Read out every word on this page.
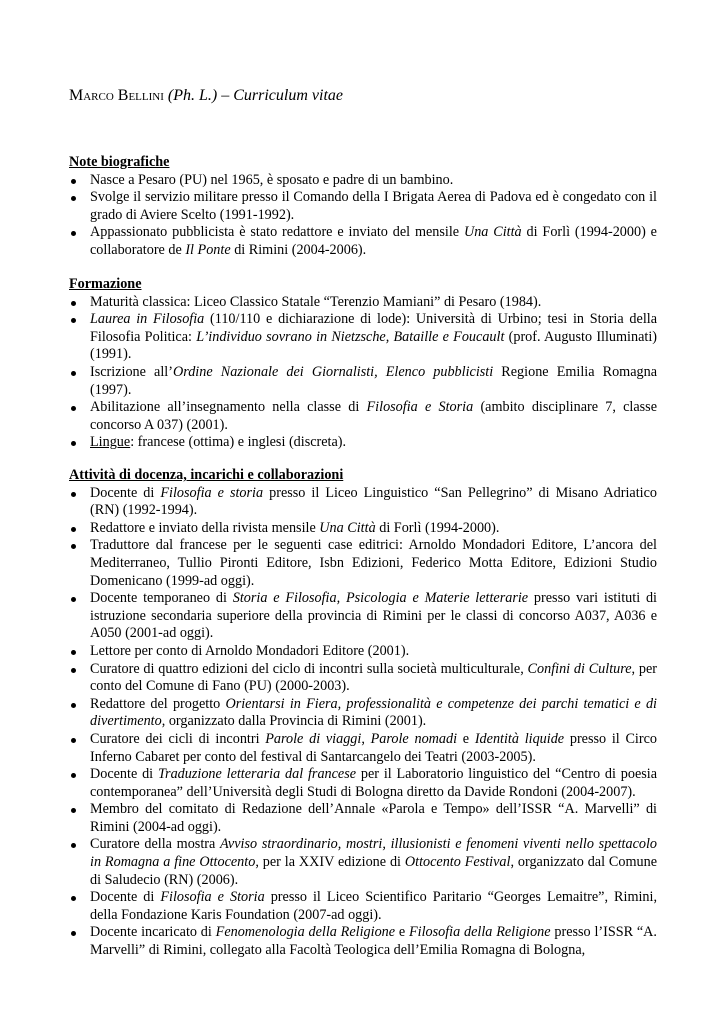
Marco Bellini (Ph. L.) – Curriculum vitae

Note biografiche

Nasce a Pesaro (PU) nel 1965, è sposato e padre di un bambino.
Svolge il servizio militare presso il Comando della I Brigata Aerea di Padova ed è congedato con il grado di Aviere Scelto (1991-1992).
Appassionato pubblicista è stato redattore e inviato del mensile Una Città di Forlì (1994-2000) e collaboratore de Il Ponte di Rimini (2004-2006).

Formazione

Maturità classica: Liceo Classico Statale “Terenzio Mamiani” di Pesaro (1984).
Laurea in Filosofia (110/110 e dichiarazione di lode): Università di Urbino; tesi in Storia della Filosofia Politica: L’individuo sovrano in Nietzsche, Bataille e Foucault (prof. Augusto Illuminati) (1991).
Iscrizione all’Ordine Nazionale dei Giornalisti, Elenco pubblicisti Regione Emilia Romagna (1997).
Abilitazione all’insegnamento nella classe di Filosofia e Storia (ambito disciplinare 7, classe concorso A 037) (2001).
Lingue: francese (ottima) e inglesi (discreta).

Attività di docenza, incarichi e collaborazioni

Docente di Filosofia e storia presso il Liceo Linguistico “San Pellegrino” di Misano Adriatico (RN) (1992-1994).
Redattore e inviato della rivista mensile Una Città di Forlì (1994-2000).
Traduttore dal francese per le seguenti case editrici: Arnoldo Mondadori Editore, L’ancora del Mediterraneo, Tullio Pironti Editore, Isbn Edizioni, Federico Motta Editore, Edizioni Studio Domenicano (1999-ad oggi).
Docente temporaneo di Storia e Filosofia, Psicologia e Materie letterarie presso vari istituti di istruzione secondaria superiore della provincia di Rimini per le classi di concorso A037, A036 e A050 (2001-ad oggi).
Lettore per conto di Arnoldo Mondadori Editore (2001).
Curatore di quattro edizioni del ciclo di incontri sulla società multiculturale, Confini di Culture, per conto del Comune di Fano (PU) (2000-2003).
Redattore del progetto Orientarsi in Fiera, professionalità e competenze dei parchi tematici e di divertimento, organizzato dalla Provincia di Rimini (2001).
Curatore dei cicli di incontri Parole di viaggi, Parole nomadi e Identità liquide presso il Circo Inferno Cabaret per conto del festival di Santarcangelo dei Teatri (2003-2005).
Docente di Traduzione letteraria dal francese per il Laboratorio linguistico del “Centro di poesia contemporanea” dell’Università degli Studi di Bologna diretto da Davide Rondoni (2004-2007).
Membro del comitato di Redazione dell’Annale «Parola e Tempo» dell’ISSR “A. Marvelli” di Rimini (2004-ad oggi).
Curatore della mostra Avviso straordinario, mostri, illusionisti e fenomeni viventi nello spettacolo in Romagna a fine Ottocento, per la XXIV edizione di Ottocento Festival, organizzato dal Comune di Saludecio (RN) (2006).
Docente di Filosofia e Storia presso il Liceo Scientifico Paritario “Georges Lemaitre”, Rimini, della Fondazione Karis Foundation (2007-ad oggi).
Docente incaricato di Fenomenologia della Religione e Filosofia della Religione presso l’ISSR “A. Marvelli” di Rimini, collegato alla Facoltà Teologica dell’Emilia Romagna di Bologna,
